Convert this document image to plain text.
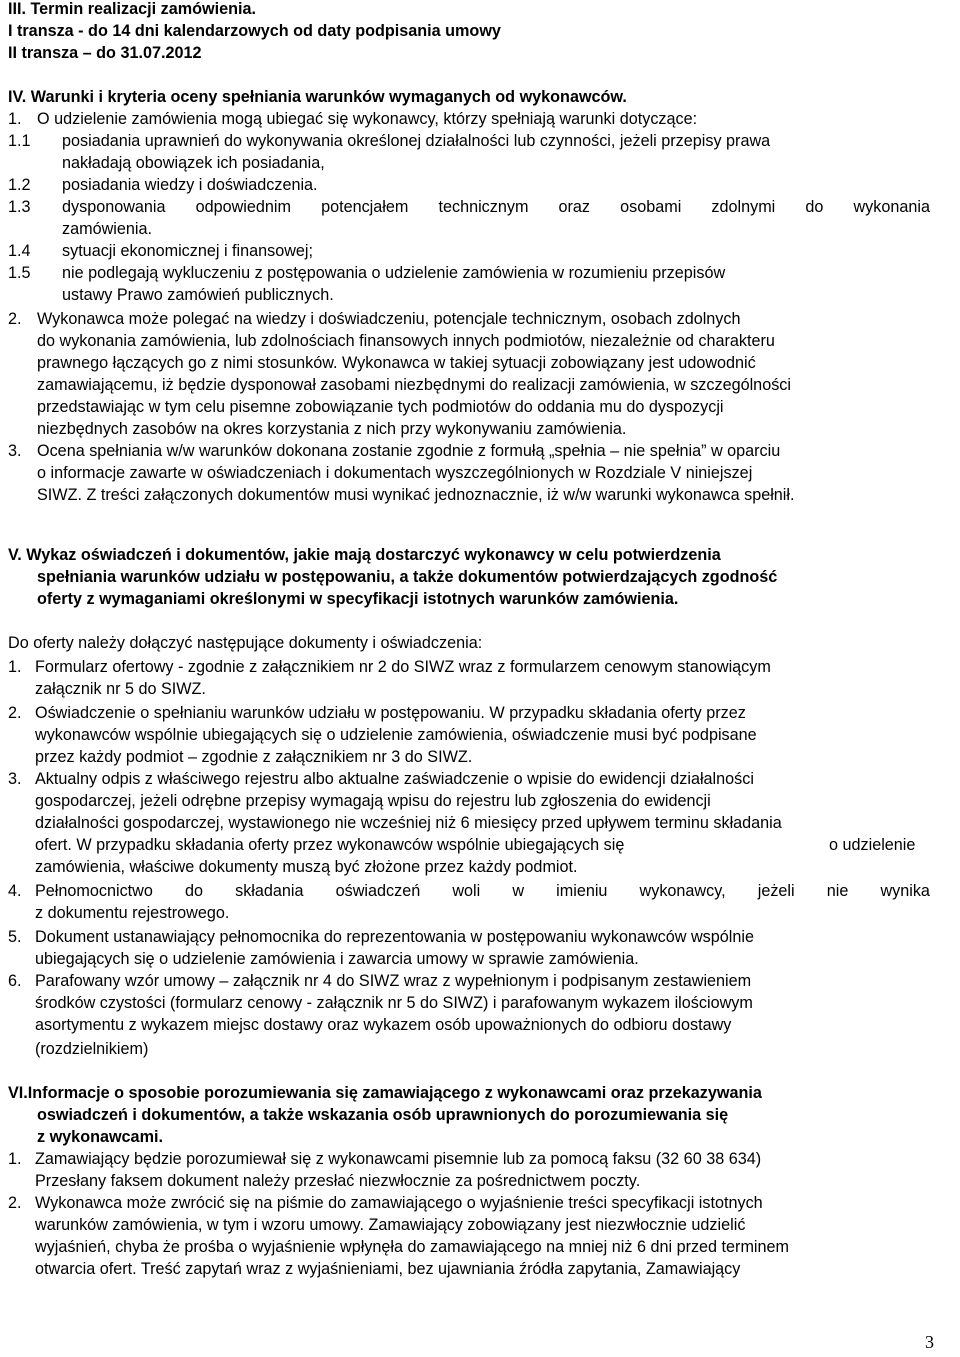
III. Termin realizacji zamówienia.
I transza - do 14 dni kalendarzowych od daty podpisania umowy
II transza – do 31.07.2012
IV. Warunki i kryteria oceny spełniania warunków wymaganych od wykonawców.
1. O udzielenie zamówienia mogą ubiegać się wykonawcy, którzy spełniają warunki dotyczące:
1.1 posiadania uprawnień do wykonywania określonej działalności lub czynności, jeżeli przepisy prawa
nakładają obowiązek ich posiadania,
1.2 posiadania wiedzy i doświadczenia.
1.3 dysponowania odpowiednim potencjałem technicznym oraz osobami zdolnymi do wykonania
zamówienia.
1.4 sytuacji ekonomicznej i finansowej;
1.5 nie podlegają wykluczeniu z postępowania o udzielenie zamówienia w rozumieniu przepisów
ustawy Prawo zamówień publicznych.
2. Wykonawca może polegać na wiedzy i doświadczeniu, potencjale technicznym, osobach zdolnych
do wykonania zamówienia, lub zdolnościach finansowych innych podmiotów, niezależnie od charakteru
prawnego łączących go z nimi stosunków. Wykonawca w takiej sytuacji zobowiązany jest udowodnić
zamawiającemu, iż będzie dysponował zasobami niezbędnymi do realizacji zamówienia, w szczególności
przedstawiając w tym celu pisemne zobowiązanie tych podmiotów do oddania mu do dyspozycji
niezbędnych zasobów na okres korzystania z nich przy wykonywaniu zamówienia.
3. Ocena spełniania w/w warunków dokonana zostanie zgodnie z formułą „spełnia – nie spełnia” w oparciu
o informacje zawarte w oświadczeniach i dokumentach wyszczególnionych w Rozdziale V niniejszej
SIWZ. Z treści załączonych dokumentów musi wynikać jednoznacznie, iż w/w warunki wykonawca spełnił.
V. Wykaz oświadczeń i dokumentów, jakie mają dostarczyć wykonawcy w celu potwierdzenia
spełniania warunków udziału w postępowaniu, a także dokumentów potwierdzających zgodność
oferty z wymaganiami określonymi w specyfikacji istotnych warunków zamówienia.
Do oferty należy dołączyć następujące dokumenty i oświadczenia:
1. Formularz ofertowy - zgodnie z załącznikiem nr 2 do SIWZ wraz z formularzem cenowym stanowiącym
załącznik nr 5 do SIWZ.
2. Oświadczenie o spełnianiu warunków udziału w postępowaniu. W przypadku składania oferty przez
wykonawców wspólnie ubiegających się o udzielenie zamówienia, oświadczenie musi być podpisane
przez każdy podmiot – zgodnie z załącznikiem nr 3 do SIWZ.
3. Aktualny odpis z właściwego rejestru albo aktualne zaświadczenie o wpisie do ewidencji działalności
gospodarczej, jeżeli odrębne przepisy wymagają wpisu do rejestru lub zgłoszenia do ewidencji
działalności gospodarczej, wystawionego nie wcześniej niż 6 miesięcy przed upływem terminu składania
ofert. W przypadku składania oferty przez wykonawców wspólnie ubiegających się	o udzielenie
zamówienia, właściwe dokumenty muszą być złożone przez każdy podmiot.
4. Pełnomocnictwo do składania oświadczeń woli w imieniu wykonawcy, jeżeli nie wynika
z dokumentu rejestrowego.
5. Dokument ustanawiający pełnomocnika do reprezentowania w postępowaniu wykonawców wspólnie
ubiegających się o udzielenie zamówienia i zawarcia umowy w sprawie zamówienia.
6. Parafowany wzór umowy – załącznik nr 4 do SIWZ wraz z wypełnionym i podpisanym zestawieniem
środków czystości (formularz cenowy - załącznik nr 5 do SIWZ) i parafowanym wykazem ilościowym
asortymentu z wykazem miejsc dostawy oraz wykazem osób upoważnionych do odbioru dostawy
(rozdzielnikiem)
VI.Informacje o sposobie porozumiewania się zamawiającego z wykonawcami oraz przekazywania
oswiadczeń i dokumentów, a także wskazania osób uprawnionych do porozumiewania się
z wykonawcami.
1. Zamawiający będzie porozumiewał się z wykonawcami pisemnie lub za pomocą faksu (32 60 38 634)
Przesłany faksem dokument należy przesłać niezwłocznie za pośrednictwem poczty.
2. Wykonawca może zwrócić się na piśmie do zamawiającego o wyjaśnienie treści specyfikacji istotnych
warunków zamówienia, w tym i wzoru umowy. Zamawiający zobowiązany jest niezwłocznie udzielić
wyjaśnień, chyba że prośba o wyjaśnienie wpłynęła do zamawiającego na mniej niż 6 dni przed terminem
otwarcia ofert. Treść zapytań wraz z wyjaśnieniami, bez ujawniania źródła zapytania, Zamawiający
3
